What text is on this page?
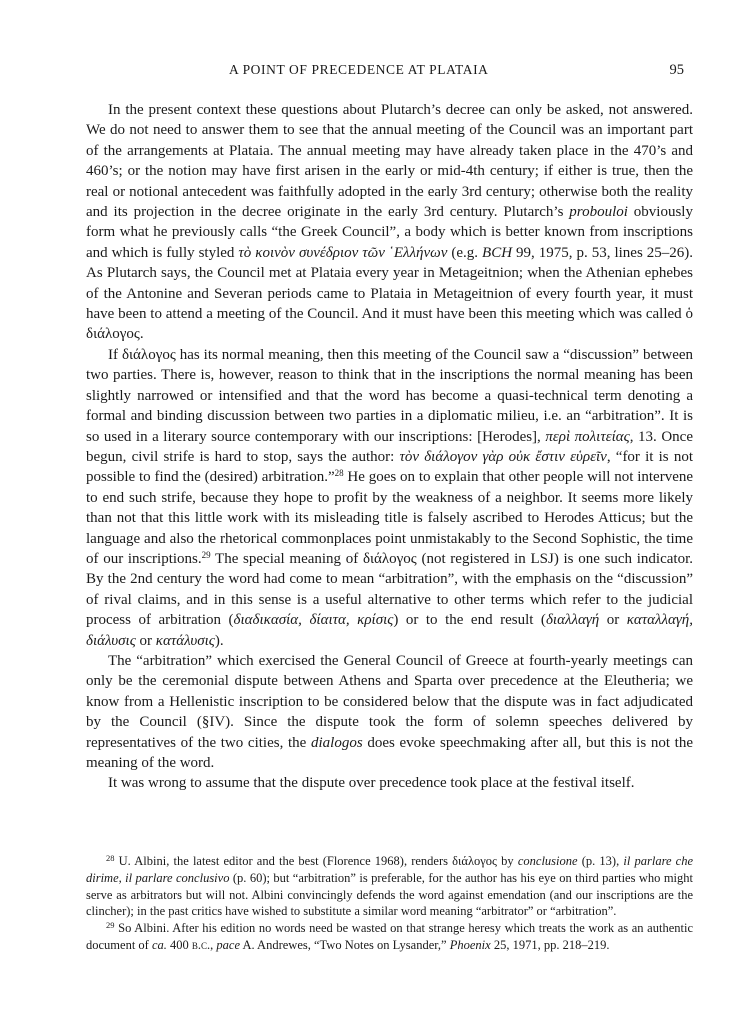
A POINT OF PRECEDENCE AT PLATAIA	95

In the present context these questions about Plutarch’s decree can only be asked, not answered. We do not need to answer them to see that the annual meeting of the Council was an important part of the arrangements at Plataia. The annual meeting may have already taken place in the 470’s and 460’s; or the notion may have first arisen in the early or mid-4th century; if either is true, then the real or notional antecedent was faithfully adopted in the early 3rd century; otherwise both the reality and its projection in the decree originate in the early 3rd century. Plutarch’s probouloi obviously form what he previously calls “the Greek Council”, a body which is better known from inscriptions and which is fully styled τὸ κοινὸν συνέδριον τῶν ῾Ελλήνων (e.g. BCH 99, 1975, p. 53, lines 25–26). As Plutarch says, the Council met at Plataia every year in Metageitnion; when the Athenian ephebes of the Antonine and Severan periods came to Plataia in Metageitnion of every fourth year, it must have been to attend a meeting of the Council. And it must have been this meeting which was called ὁ διάλογος.

If διάλογος has its normal meaning, then this meeting of the Council saw a “discussion” between two parties. There is, however, reason to think that in the inscriptions the normal meaning has been slightly narrowed or intensified and that the word has become a quasi-technical term denoting a formal and binding discussion between two parties in a diplomatic milieu, i.e. an “arbitration”. It is so used in a literary source contemporary with our inscriptions: [Herodes], περὶ πολιτείας, 13. Once begun, civil strife is hard to stop, says the author: τὸν διάλογον γὰρ οὐκ ἔστιν εὑρεῖν, “for it is not possible to find the (desired) arbitration.”$^{28}$ He goes on to explain that other people will not intervene to end such strife, because they hope to profit by the weakness of a neighbor. It seems more likely than not that this little work with its misleading title is falsely ascribed to Herodes Atticus; but the language and also the rhetorical commonplaces point unmistakably to the Second Sophistic, the time of our inscriptions.$^{29}$ The special meaning of διάλογος (not registered in LSJ) is one such indicator. By the 2nd century the word had come to mean “arbitration”, with the emphasis on the “discussion” of rival claims, and in this sense is a useful alternative to other terms which refer to the judicial process of arbitration (διαδικασία, δίαιτα, κρίσις) or to the end result (διαλλαγή or καταλλαγή, διάλυσις or κατάλυσις).

The “arbitration” which exercised the General Council of Greece at fourth-yearly meetings can only be the ceremonial dispute between Athens and Sparta over precedence at the Eleutheria; we know from a Hellenistic inscription to be considered below that the dispute was in fact adjudicated by the Council (§IV). Since the dispute took the form of solemn speeches delivered by representatives of the two cities, the dialogos does evoke speechmaking after all, but this is not the meaning of the word.

It was wrong to assume that the dispute over precedence took place at the festival itself.

$^{28}$ U. Albini, the latest editor and the best (Florence 1968), renders διάλογος by conclusione (p. 13), il parlare che dirime, il parlare conclusivo (p. 60); but “arbitration” is preferable, for the author has his eye on third parties who might serve as arbitrators but will not. Albini convincingly defends the word against emendation (and our inscriptions are the clincher); in the past critics have wished to substitute a similar word meaning “arbitrator” or “arbitration”.

$^{29}$ So Albini. After his edition no words need be wasted on that strange heresy which treats the work as an authentic document of ca. 400 b.c., pace A. Andrewes, “Two Notes on Lysander,” Phoenix 25, 1971, pp. 218–219.
